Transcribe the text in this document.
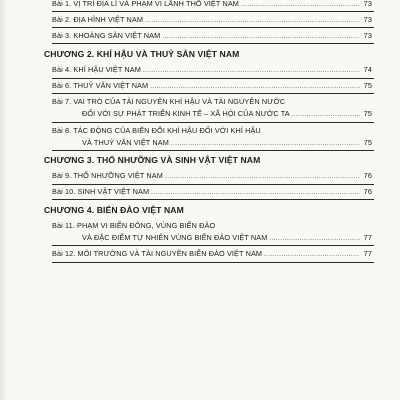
Bài 1. VỊ TRÍ ĐỊA LÍ VÀ PHẠM VI LÃNH THỔ VIỆT NAM .....	73
Bài 2. ĐỊA HÌNH VIỆT NAM .....	73
Bài 3. KHOÁNG SẢN VIỆT NAM .....	73
CHƯƠNG 2. KHÍ HẬU VÀ THUỶ SẢN VIỆT NAM
Bài 4. KHÍ HẬU VIỆT NAM .....	74
Bài 6. THUỶ VĂN VIỆT NAM .....	75
Bài 7. VAI TRÒ CỦA TÀI NGUYÊN KHÍ HẬU VÀ TÀI NGUYÊN NƯỚC
ĐỐI VỚI SỰ PHÁT TRIỂN KINH TẾ – XÃ HỘI CỦA NƯỚC TA .....	75
Bài 8. TÁC ĐỘNG CỦA BIẾN ĐỔI KHÍ HẬU ĐỐI VỚI KHÍ HẬU
VÀ THUỶ VĂN VIỆT NAM .....	75
CHƯƠNG 3. THỔ NHƯỠNG VÀ SINH VẬT VIỆT NAM
Bài 9. THỔ NHƯỠNG VIỆT NAM .....	76
Bài 10. SINH VẬT VIỆT NAM .....	76
CHƯƠNG 4. BIỂN ĐẢO VIỆT NAM
Bài 11. PHẠM VI BIỂN ĐÔNG, VÙNG BIỂN ĐẢO
VÀ ĐẶC ĐIỂM TỰ NHIÊN VÙNG BIỂN ĐẢO VIỆT NAM .....	77
Bài 12. MÔI TRƯỜNG VÀ TÀI NGUYÊN BIỂN ĐẢO VIỆT NAM .....	77
